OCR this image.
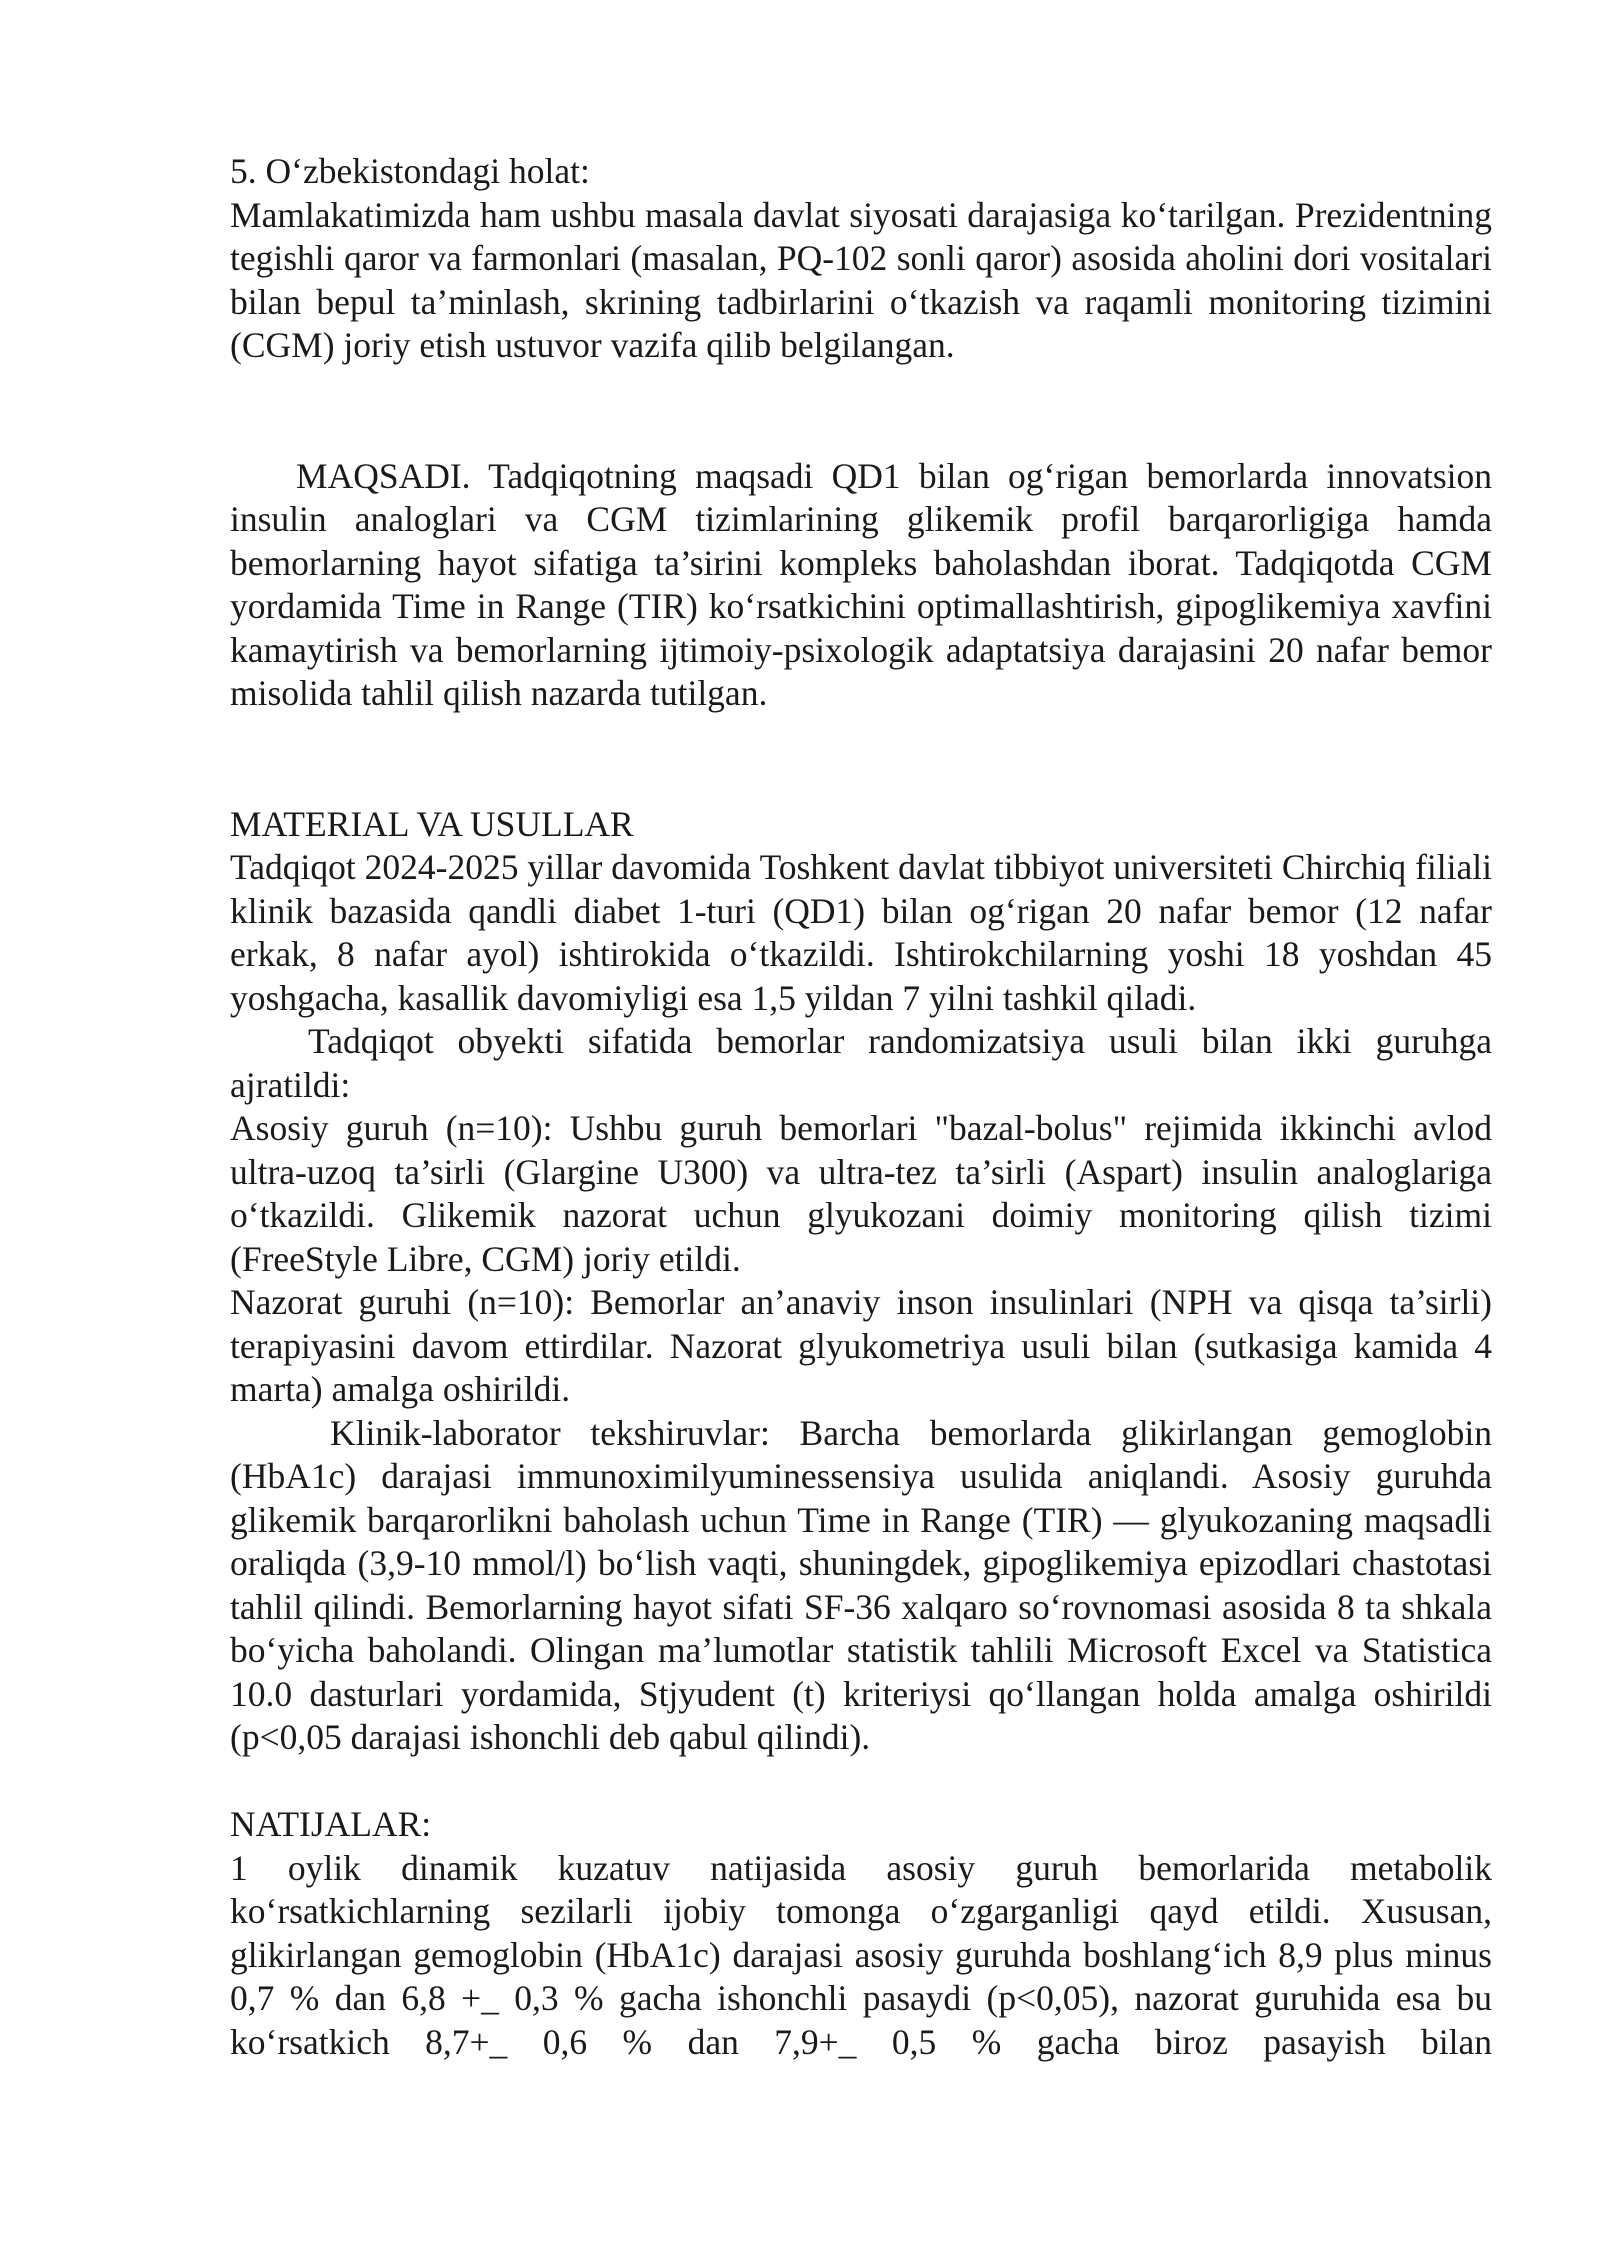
5. O‘zbekistondagi holat:

Mamlakatimizda ham ushbu masala davlat siyosati darajasiga ko‘tarilgan. Prezidentning tegishli qaror va farmonlari (masalan, PQ-102 sonli qaror) asosida aholini dori vositalari bilan bepul ta’minlash, skrining tadbirlarini o‘tkazish va raqamli monitoring tizimini (CGM) joriy etish ustuvor vazifa qilib belgilangan.

MAQSADI. Tadqiqotning maqsadi QD1 bilan og‘rigan bemorlarda innovatsion insulin analoglari va CGM tizimlarining glikemik profil barqarorligiga hamda bemorlarning hayot sifatiga ta’sirini kompleks baholashdan iborat. Tadqiqotda CGM yordamida Time in Range (TIR) ko‘rsatkichini optimallashtirish, gipoglikemiya xavfini kamaytirish va bemorlarning ijtimoiy-psixologik adaptatsiya darajasini 20 nafar bemor misolida tahlil qilish nazarda tutilgan.

MATERIAL VA USULLAR

Tadqiqot 2024-2025 yillar davomida Toshkent davlat tibbiyot universiteti Chirchiq filiali klinik bazasida qandli diabet 1-turi (QD1) bilan og‘rigan 20 nafar bemor (12 nafar erkak, 8 nafar ayol) ishtirokida o‘tkazildi. Ishtirokchilarning yoshi 18 yoshdan 45 yoshgacha, kasallik davomiyligi esa 1,5 yildan 7 yilni tashkil qiladi.

Tadqiqot obyekti sifatida bemorlar randomizatsiya usuli bilan ikki guruhga ajratildi:

Asosiy guruh (n=10): Ushbu guruh bemorlari "bazal-bolus" rejimida ikkinchi avlod ultra-uzoq ta’sirli (Glargine U300) va ultra-tez ta’sirli (Aspart) insulin analoglariga o‘tkazildi. Glikemik nazorat uchun glyukozani doimiy monitoring qilish tizimi (FreeStyle Libre, CGM) joriy etildi.

Nazorat guruhi (n=10): Bemorlar an’anaviy inson insulinlari (NPH va qisqa ta’sirli) terapiyasini davom ettirdilar. Nazorat glyukometriya usuli bilan (sutkasiga kamida 4 marta) amalga oshirildi.

Klinik-laborator tekshiruvlar: Barcha bemorlarda glikirlangan gemoglobin (HbA1c) darajasi immunoximilyuminessensiya usulida aniqlandi. Asosiy guruhda glikemik barqarorlikni baholash uchun Time in Range (TIR) — glyukozaning maqsadli oraliqda (3,9-10 mmol/l) bo‘lish vaqti, shuningdek, gipoglikemiya epizodlari chastotasi tahlil qilindi. Bemorlarning hayot sifati SF-36 xalqaro so‘rovnomasi asosida 8 ta shkala bo‘yicha baholandi. Olingan ma’lumotlar statistik tahlili Microsoft Excel va Statistica 10.0 dasturlari yordamida, Stjyudent (t) kriteriysi qo‘llangan holda amalga oshirildi (p<0,05 darajasi ishonchli deb qabul qilindi).

NATIJALAR:

1 oylik dinamik kuzatuv natijasida asosiy guruh bemorlarida metabolik ko‘rsatkichlarning sezilarli ijobiy tomonga o‘zgarganligi qayd etildi. Xususan, glikirlangan gemoglobin (HbA1c) darajasi asosiy guruhda boshlang‘ich 8,9 plus minus 0,7 % dan 6,8 +_ 0,3 % gacha ishonchli pasaydi (p<0,05), nazorat guruhida esa bu ko‘rsatkich 8,7+_ 0,6 % dan 7,9+_ 0,5 % gacha biroz pasayish bilan
